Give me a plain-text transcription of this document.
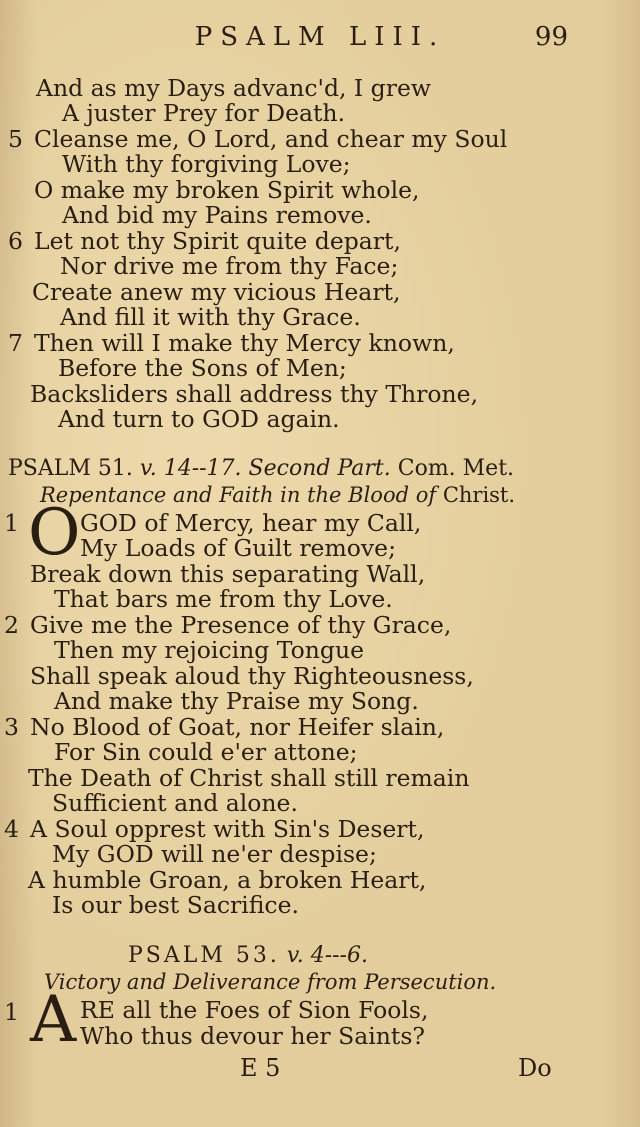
PSALM LIII.	99
And as my Days advanc'd, I grew
A juster Prey for Death.
5 Cleanse me, O Lord, and chear my Soul
With thy forgiving Love;
O make my broken Spirit whole,
And bid my Pains remove.
6 Let not thy Spirit quite depart,
Nor drive me from thy Face;
Create anew my vicious Heart,
And fill it with thy Grace.
7 Then will I make thy Mercy known,
Before the Sons of Men;
Backsliders shall address thy Throne,
And turn to GOD again.
PSALM 51. v. 14--17. Second Part. Com. Met.
Repentance and Faith in the Blood of Christ.
1 O GOD of Mercy, hear my Call,
My Loads of Guilt remove;
Break down this separating Wall,
That bars me from thy Love.
2 Give me the Presence of thy Grace,
Then my rejoicing Tongue
Shall speak aloud thy Righteousness,
And make thy Praise my Song.
3 No Blood of Goat, nor Heifer slain,
For Sin could e'er attone;
The Death of Christ shall still remain
Sufficient and alone.
4 A Soul opprest with Sin's Desert,
My GOD will ne'er despise;
A humble Groan, a broken Heart,
Is our best Sacrifice.
PSALM 53. v. 4---6.
Victory and Deliverance from Persecution.
1 A RE all the Foes of Sion Fools,
Who thus devour her Saints?
E 5	Do
